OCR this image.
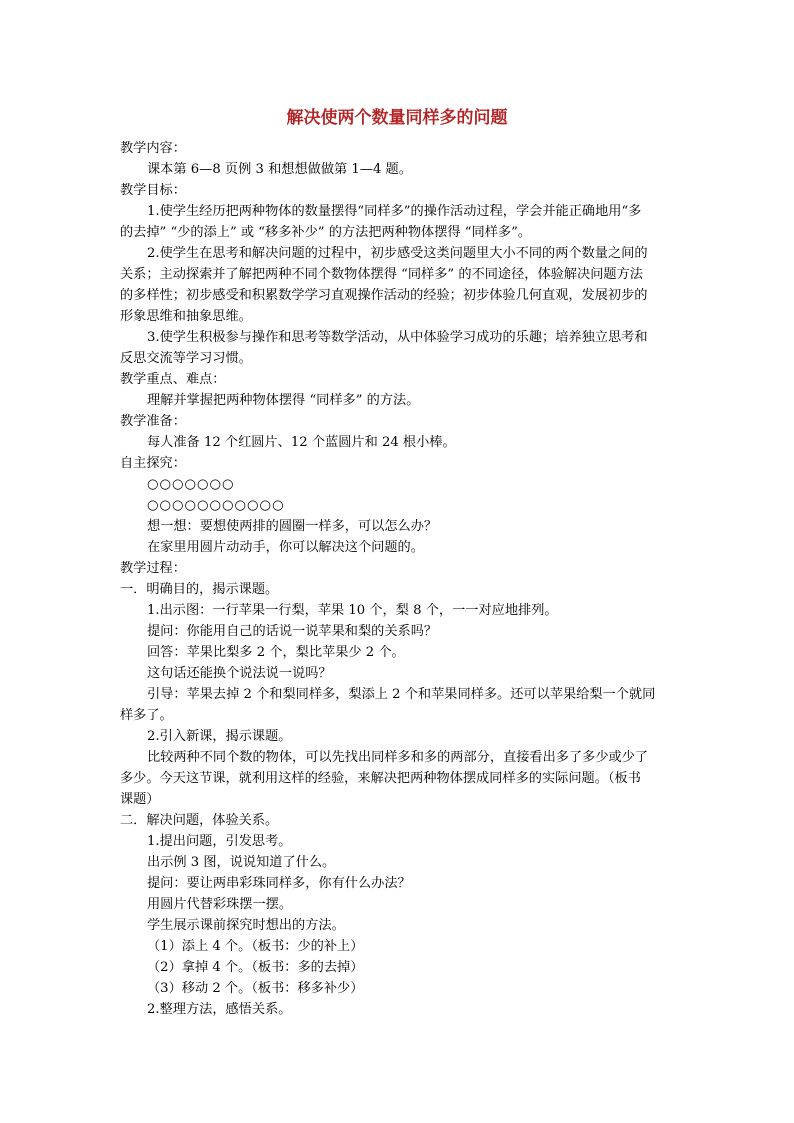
解决使两个数量同样多的问题
教学内容：
课本第 6—8 页例 3 和想想做做第 1—4 题。
教学目标：
1.使学生经历把两种物体的数量摆得“同样多”的操作活动过程，学会并能正确地用“多
的去掉” “少的添上” 或 “移多补少” 的方法把两种物体摆得 “同样多”。
2.使学生在思考和解决问题的过程中，初步感受这类问题里大小不同的两个数量之间的
关系；主动探索并了解把两种不同个数物体摆得 “同样多” 的不同途径，体验解决问题方法
的多样性；初步感受和积累数学学习直观操作活动的经验；初步体验几何直观，发展初步的
形象思维和抽象思维。
3.使学生积极参与操作和思考等数学活动，从中体验学习成功的乐趣；培养独立思考和
反思交流等学习习惯。
教学重点、难点：
理解并掌握把两种物体摆得 “同样多” 的方法。
教学准备：
每人准备 12 个红圆片、12 个蓝圆片和 24 根小棒。
自主探究：
○○○○○○○
○○○○○○○○○○○
想一想：要想使两排的圆圈一样多，可以怎么办？
在家里用圆片动动手，你可以解决这个问题的。
教学过程：
一．明确目的，揭示课题。
1.出示图：一行苹果一行梨，苹果 10 个，梨 8 个，一一对应地排列。
提问：你能用自己的话说一说苹果和梨的关系吗？
回答：苹果比梨多 2 个，梨比苹果少 2 个。
这句话还能换个说法说一说吗？
引导：苹果去掉 2 个和梨同样多，梨添上 2 个和苹果同样多。还可以苹果给梨一个就同
样多了。
2.引入新课，揭示课题。
比较两种不同个数的物体，可以先找出同样多和多的两部分，直接看出多了多少或少了
多少。今天这节课，就利用这样的经验，来解决把两种物体摆成同样多的实际问题。（板书
课题）
二．解决问题，体验关系。
1.提出问题，引发思考。
出示例 3 图，说说知道了什么。
提问：要让两串彩珠同样多，你有什么办法？
用圆片代替彩珠摆一摆。
学生展示课前探究时想出的方法。
（1）添上 4 个。（板书：少的补上）
（2）拿掉 4 个。（板书：多的去掉）
（3）移动 2 个。（板书：移多补少）
2.整理方法，感悟关系。
